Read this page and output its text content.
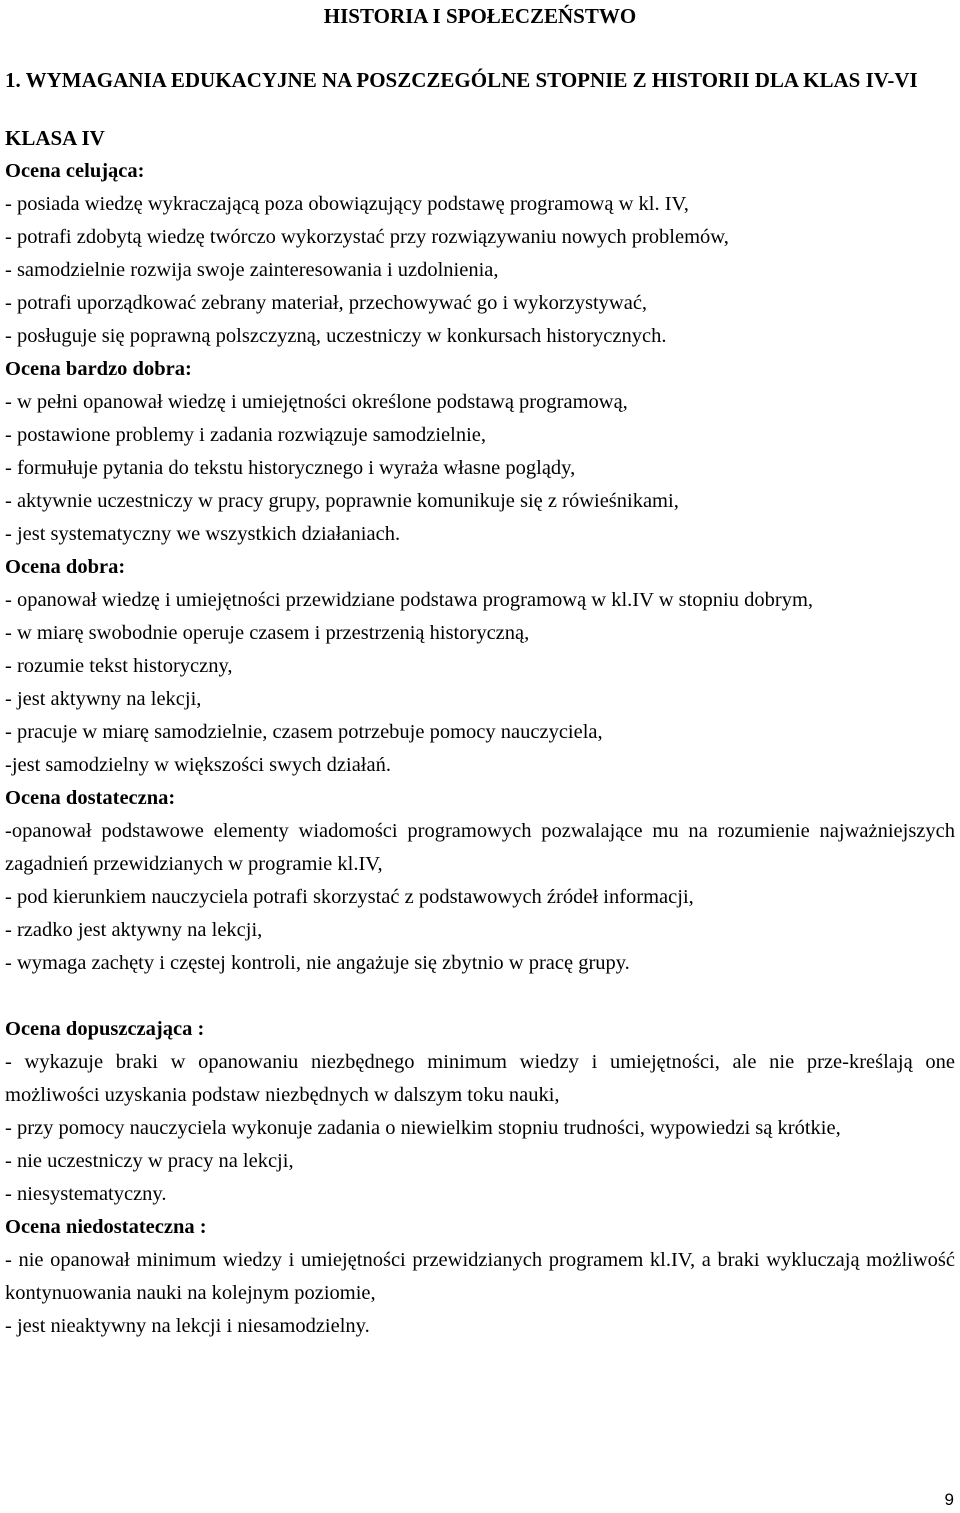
HISTORIA I SPOŁECZEŃSTWO
1. WYMAGANIA EDUKACYJNE NA POSZCZEGÓLNE STOPNIE Z HISTORII DLA KLAS IV-VI
KLASA IV

Ocena celująca:

- posiada wiedzę wykraczającą poza obowiązujący podstawę programową w kl. IV,

- potrafi zdobytą wiedzę twórczo wykorzystać przy rozwiązywaniu nowych problemów,

- samodzielnie rozwija swoje zainteresowania i uzdolnienia,

- potrafi uporządkować zebrany materiał, przechowywać go i wykorzystywać,

- posługuje się poprawną polszczyzną, uczestniczy w konkursach historycznych.

Ocena bardzo dobra:

- w pełni opanował wiedzę i umiejętności określone podstawą programową,

- postawione problemy i zadania rozwiązuje samodzielnie,

- formułuje pytania do tekstu historycznego i wyraża własne poglądy,

- aktywnie uczestniczy w pracy grupy, poprawnie komunikuje się z rówieśnikami,

- jest systematyczny we wszystkich działaniach.

Ocena dobra:

- opanował wiedzę i umiejętności przewidziane podstawa programową w kl.IV w stopniu dobrym,

- w miarę swobodnie operuje czasem i przestrzenią historyczną,

- rozumie tekst historyczny,

- jest aktywny na lekcji,

- pracuje w miarę samodzielnie, czasem potrzebuje pomocy nauczyciela,

-jest samodzielny w większości swych działań.

Ocena dostateczna:

-opanował podstawowe elementy wiadomości programowych pozwalające mu na rozumienie najważniejszych zagadnień przewidzianych w programie kl.IV,

- pod kierunkiem nauczyciela potrafi skorzystać z podstawowych źródeł informacji,

- rzadko jest aktywny na lekcji,

- wymaga zachęty i częstej kontroli, nie angażuje się zbytnio w pracę grupy.

Ocena dopuszczająca :

- wykazuje braki w opanowaniu niezbędnego minimum wiedzy i umiejętności, ale nie prze-kreślają one możliwości uzyskania podstaw niezbędnych w dalszym toku nauki,

- przy pomocy nauczyciela wykonuje zadania o niewielkim stopniu trudności, wypowiedzi są krótkie,

- nie uczestniczy w pracy na lekcji,

- niesystematyczny.

Ocena niedostateczna :

- nie opanował minimum wiedzy i umiejętności przewidzianych programem kl.IV, a braki wykluczają możliwość kontynuowania nauki na kolejnym poziomie,

- jest nieaktywny na lekcji i niesamodzielny.

9
